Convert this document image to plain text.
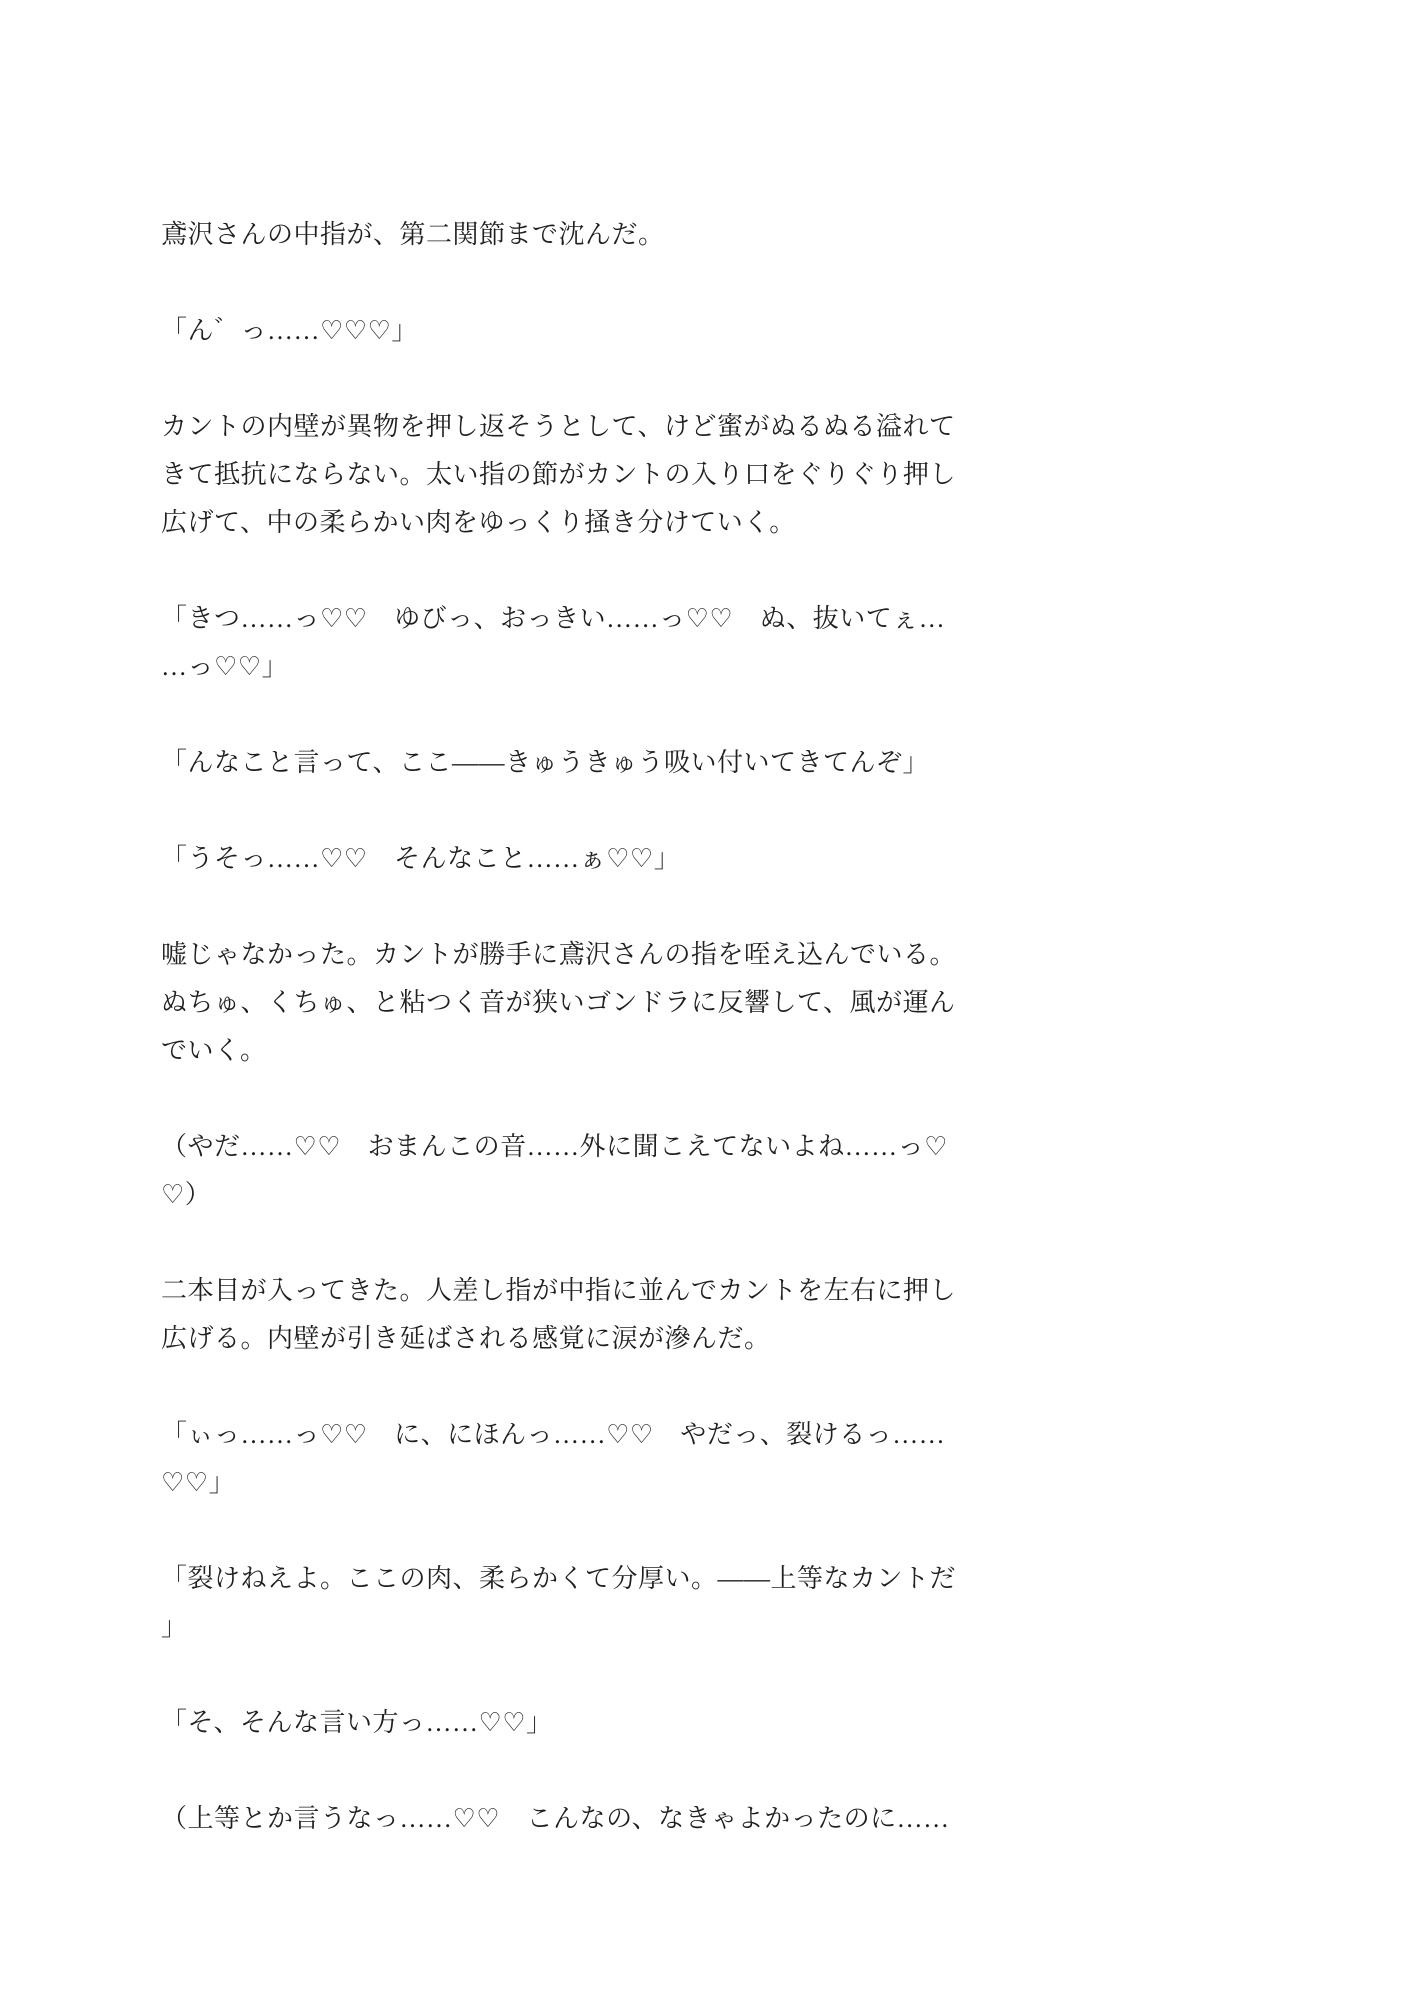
鳶沢さんの中指が、第二関節まで沈んだ。

「ん゛っ……♡♡♡」

カントの内壁が異物を押し返そうとして、けど蜜がぬるぬる溢れて
きて抵抗にならない。太い指の節がカントの入り口をぐりぐり押し
広げて、中の柔らかい肉をゆっくり掻き分けていく。

「きつ……っ♡♡　ゆびっ、おっきい……っ♡♡　ぬ、抜いてぇ…
…っ♡♡」

「んなこと言って、ここ——きゅうきゅう吸い付いてきてんぞ」

「うそっ……♡♡　そんなこと……ぁ♡♡」

嘘じゃなかった。カントが勝手に鳶沢さんの指を咥え込んでいる。
ぬちゅ、くちゅ、と粘つく音が狭いゴンドラに反響して、風が運ん
でいく。

（やだ……♡♡　おまんこの音……外に聞こえてないよね……っ♡
♡）

二本目が入ってきた。人差し指が中指に並んでカントを左右に押し
広げる。内壁が引き延ばされる感覚に涙が滲んだ。

「ぃっ……っ♡♡　に、にほんっ……♡♡　やだっ、裂けるっ……
♡♡」

「裂けねえよ。ここの肉、柔らかくて分厚い。——上等なカントだ
」

「そ、そんな言い方っ……♡♡」

（上等とか言うなっ……♡♡　こんなの、なきゃよかったのに……
